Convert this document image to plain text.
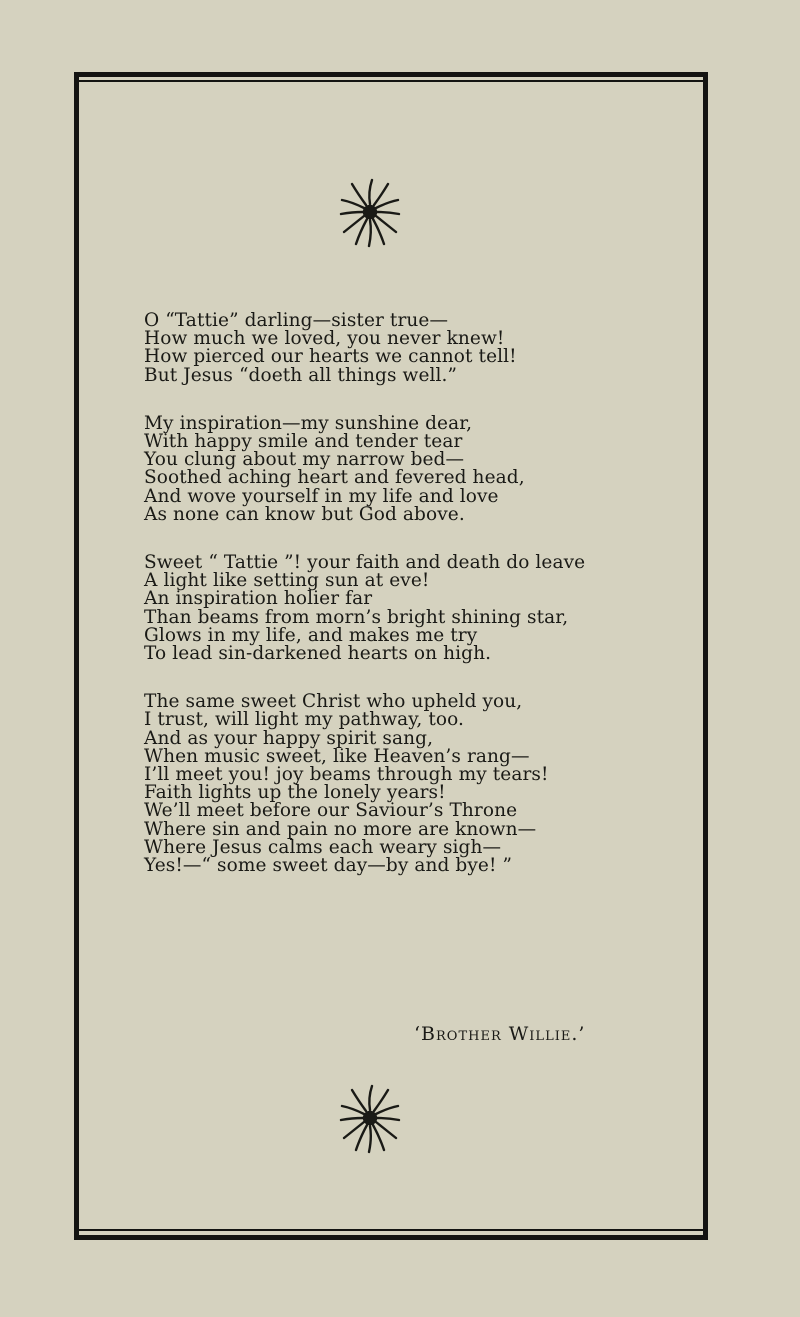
O “Tattie” darling—sister true—
How much we loved, you never knew!
How pierced our hearts we cannot tell!
But Jesus “doeth all things well.”
My inspiration—my sunshine dear,
With happy smile and tender tear
You clung about my narrow bed—
Soothed aching heart and fevered head,
And wove yourself in my life and love
As none can know but God above.
Sweet “ Tattie ”! your faith and death do leave
A light like setting sun at eve!
An inspiration holier far
Than beams from morn’s bright shining star,
Glows in my life, and makes me try
To lead sin-darkened hearts on high.
The same sweet Christ who upheld you,
I trust, will light my pathway, too.
And as your happy spirit sang,
When music sweet, like Heaven’s rang—
I’ll meet you! joy beams through my tears!
Faith lights up the lonely years!
We’ll meet before our Saviour’s Throne
Where sin and pain no more are known—
Where Jesus calms each weary sigh—
Yes!—“ some sweet day—by and bye! ”
‘Brother Willie.’
